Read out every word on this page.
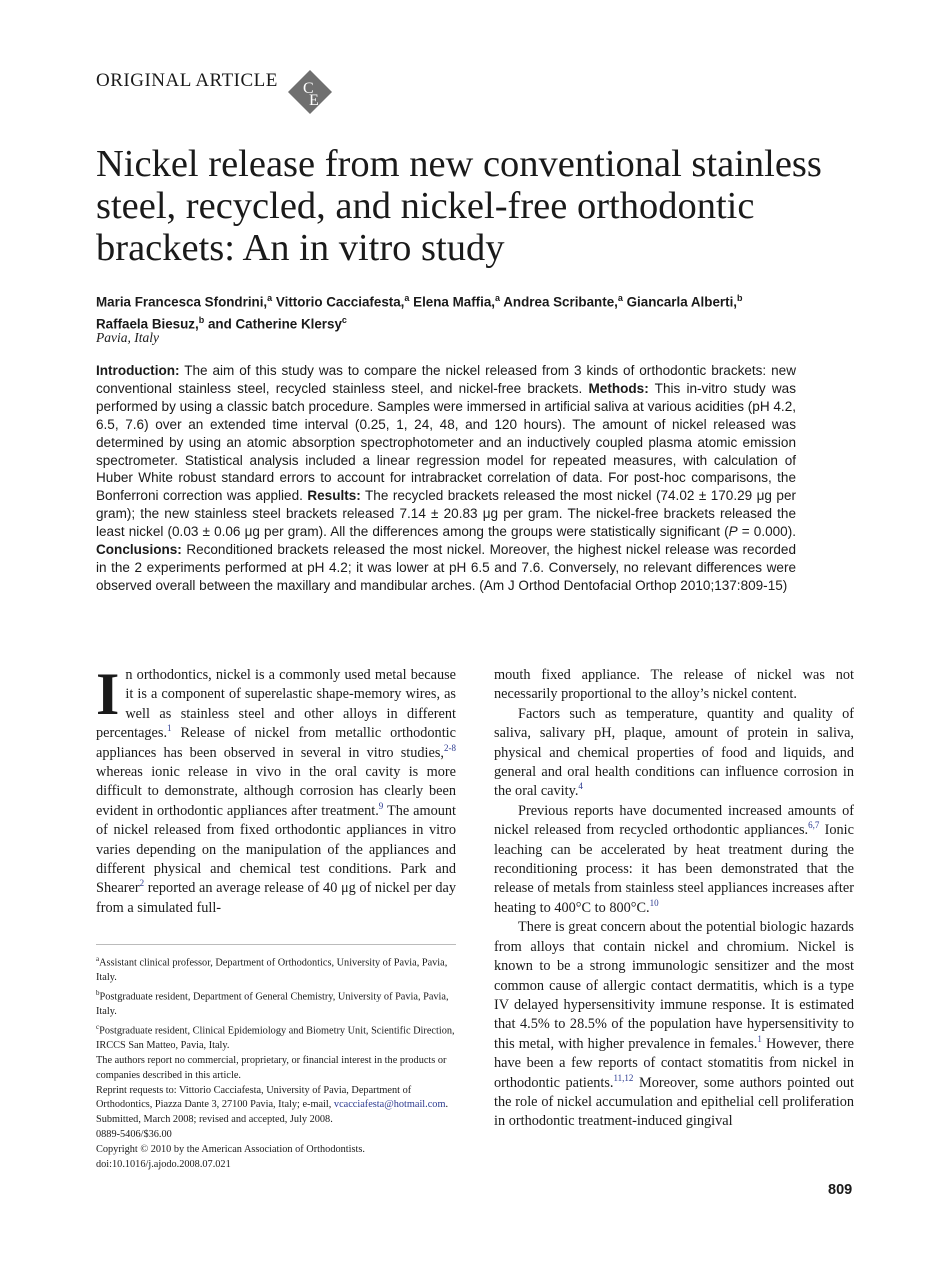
ORIGINAL ARTICLE C
E
Nickel release from new conventional stainless steel, recycled, and nickel-free orthodontic brackets: An in vitro study
Maria Francesca Sfondrini,$^a$ Vittorio Cacciafesta,$^a$ Elena Maffia,$^a$ Andrea Scribante,$^a$ Giancarla Alberti,$^b$
Raffaela Biesuz,$^b$ and Catherine Klersy$^c$
Pavia, Italy
Introduction: The aim of this study was to compare the nickel released from 3 kinds of orthodontic brackets: new conventional stainless steel, recycled stainless steel, and nickel-free brackets. Methods: This in-vitro study was performed by using a classic batch procedure. Samples were immersed in artificial saliva at various acidities (pH 4.2, 6.5, 7.6) over an extended time interval (0.25, 1, 24, 48, and 120 hours). The amount of nickel released was determined by using an atomic absorption spectrophotometer and an inductively coupled plasma atomic emission spectrometer. Statistical analysis included a linear regression model for repeated measures, with calculation of Huber White robust standard errors to account for intrabracket correlation of data. For post-hoc comparisons, the Bonferroni correction was applied. Results: The recycled brackets released the most nickel (74.02 ± 170.29 μg per gram); the new stainless steel brackets released 7.14 ± 20.83 μg per gram. The nickel-free brackets released the least nickel (0.03 ± 0.06 μg per gram). All the differences among the groups were statistically significant (P = 0.000). Conclusions: Reconditioned brackets released the most nickel. Moreover, the highest nickel release was recorded in the 2 experiments performed at pH 4.2; it was lower at pH 6.5 and 7.6. Conversely, no relevant differences were observed overall between the maxillary and mandibular arches. (Am J Orthod Dentofacial Orthop 2010;137:809-15)

In orthodontics, nickel is a commonly used metal because it is a component of superelastic shape-memory wires, as well as stainless steel and other alloys in different percentages.$^1$ Release of nickel from metallic orthodontic appliances has been observed in several in vitro studies,$^{2-8}$ whereas ionic release in vivo in the oral cavity is more difficult to demonstrate, although corrosion has clearly been evident in orthodontic appliances after treatment.$^9$ The amount of nickel released from fixed orthodontic appliances in vitro varies depending on the manipulation of the appliances and different physical and chemical test conditions. Park and Shearer$^2$ reported an average release of 40 μg of nickel per day from a simulated full-

$^a$Assistant clinical professor, Department of Orthodontics, University of Pavia, Pavia, Italy.

$^b$Postgraduate resident, Department of General Chemistry, University of Pavia, Pavia, Italy.

$^c$Postgraduate resident, Clinical Epidemiology and Biometry Unit, Scientific Direction, IRCCS San Matteo, Pavia, Italy.

The authors report no commercial, proprietary, or financial interest in the products or companies described in this article.

Reprint requests to: Vittorio Cacciafesta, University of Pavia, Department of Orthodontics, Piazza Dante 3, 27100 Pavia, Italy; e-mail, vcacciafesta@hotmail.com.

Submitted, March 2008; revised and accepted, July 2008.

0889-5406/$36.00

Copyright © 2010 by the American Association of Orthodontists.

doi:10.1016/j.ajodo.2008.07.021

mouth fixed appliance. The release of nickel was not necessarily proportional to the alloy’s nickel content.

Factors such as temperature, quantity and quality of saliva, salivary pH, plaque, amount of protein in saliva, physical and chemical properties of food and liquids, and general and oral health conditions can influence corrosion in the oral cavity.$^4$

Previous reports have documented increased amounts of nickel released from recycled orthodontic appliances.$^{6,7}$ Ionic leaching can be accelerated by heat treatment during the reconditioning process: it has been demonstrated that the release of metals from stainless steel appliances increases after heating to 400°C to 800°C.$^{10}$

There is great concern about the potential biologic hazards from alloys that contain nickel and chromium. Nickel is known to be a strong immunologic sensitizer and the most common cause of allergic contact dermatitis, which is a type IV delayed hypersensitivity immune response. It is estimated that 4.5% to 28.5% of the population have hypersensitivity to this metal, with higher prevalence in females.$^1$ However, there have been a few reports of contact stomatitis from nickel in orthodontic patients.$^{11,12}$ Moreover, some authors pointed out the role of nickel accumulation and epithelial cell proliferation in orthodontic treatment-induced gingival

809
